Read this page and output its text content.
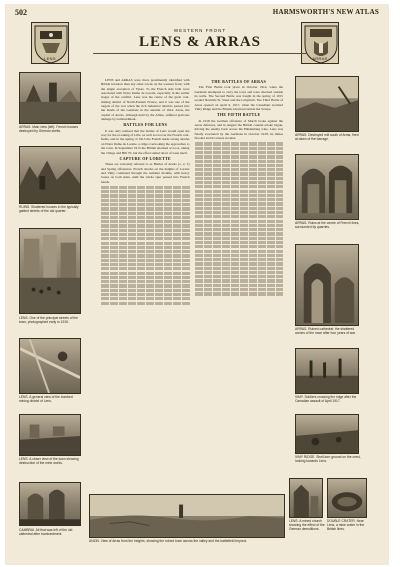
502	HARMSWORTH'S NEW ATLAS
LENS	ARRAS
WESTERN FRONT
LENS & ARRAS
ARRAS. Main view (left). French houses destroyed by German shells.
RUINS. Shattered houses in the typically gabled streets of the old quarter.
LENS. One of the principal streets of the town, photographed early in 1915.
LENS. A general view of the bombed mining district of Lens.
LENS. A closer view of the town showing destruction of the mine works.
CAMBRAI. All that was left of the old cathedral after bombardment.

LENS and ARRAS were more prominently identified with British invasion than any other towns on the western front, with the single exception of Ypres. To the French side both were associated with Notre Dame de Lorette, especially in the earlier stages of the conflict. Lens was the centre of the great coal-mining district of North-Eastern France, and it was one of the targets of the war when the rich industrial districts passed into the hands of the Germans in the autumn of 1914. Arras, the capital of Artois, although held by the Allies, suffered grievous damage by bombardment.

BATTLES FOR LENS

It was only realised that the battles of Lens would open the way for the re-taking of Lille, as well as recover the French coal-fields, and in the spring of 1915 the French made strong attacks on Notre Dame de Lorette, a ridge overlooking the approaches to the town. In September 1915 the British attacked at Loos, taking the village and Hill 70, but the effort stalled short of Lens itself.

CAPTURE OF LORETTE

These are variously referred to as Battles of Artois (1, 2, 3) and Spring offensives. French attacks on the heights of Lorette and Vimy continued through the summer months, with heavy losses on both sides, until the whole spur passed into French hands.

THE BATTLES OF ARRAS

The First Battle took place in October 1914, when the Germans attempted to carry the town and were checked outside its walls. The Second Battle was fought in the spring of 1915 around Neuville St. Vaast and the Labyrinth. The Third Battle of Arras opened on April 9, 1917, when the Canadians stormed Vimy Ridge and the British advanced astride the Scarpe.

THE FIFTH BATTLE

In 1918 the German offensive of March broke against the Arras defences, and in August the British counter-stroke began, driving the enemy back across the Hindenburg Line. Lens was finally evacuated by the Germans in October 1918, its mines flooded and its streets in ruins.

ANZIN. View of Arras from the heights, showing the ruined town across the valley and the battlefield beyond.
ARRAS. Destroyed mill south of Arras, fired at dawn of the barrage.
ARRAS. Ruins at the centre of French lines, surrounded by quarries.
ARRAS. Ruined cathedral: the shattered arches of the nave after four years of war.
VIMY. Soldiers crossing the ridge after the Canadian assault of April 1917.
VIMY RIDGE. Shell-torn ground on the crest, looking towards Lens.
LENS. A mined church showing the effect of the German demolitions.
DOUBLE CRATER. Near Lens, a mine crater in the British lines.
